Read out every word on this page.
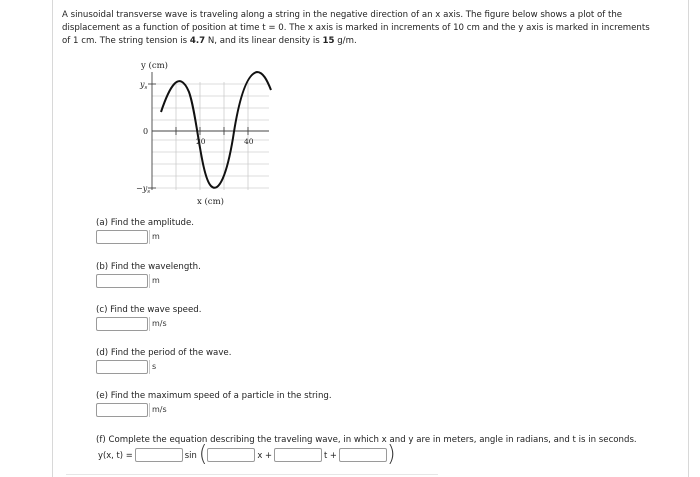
A sinusoidal transverse wave is traveling along a string in the negative direction of an x axis. The figure below shows a plot of the
displacement as a function of position at time t = 0. The x axis is marked in increments of 10 cm and the y axis is marked in increments
of 1 cm. The string tension is 4.7 N, and its linear density is 15 g/m.
y (cm)
$y_s$
0
$-y_s$
20	40
x (cm)
(a) Find the amplitude.
m
(b) Find the wavelength.
m
(c) Find the wave speed.
m/s
(d) Find the period of the wave.
s
(e) Find the maximum speed of a particle in the string.
m/s
(f) Complete the equation describing the traveling wave, in which x and y are in meters, angle in radians, and t is in seconds.
y(x, t) =	sin (	x +	t + )
